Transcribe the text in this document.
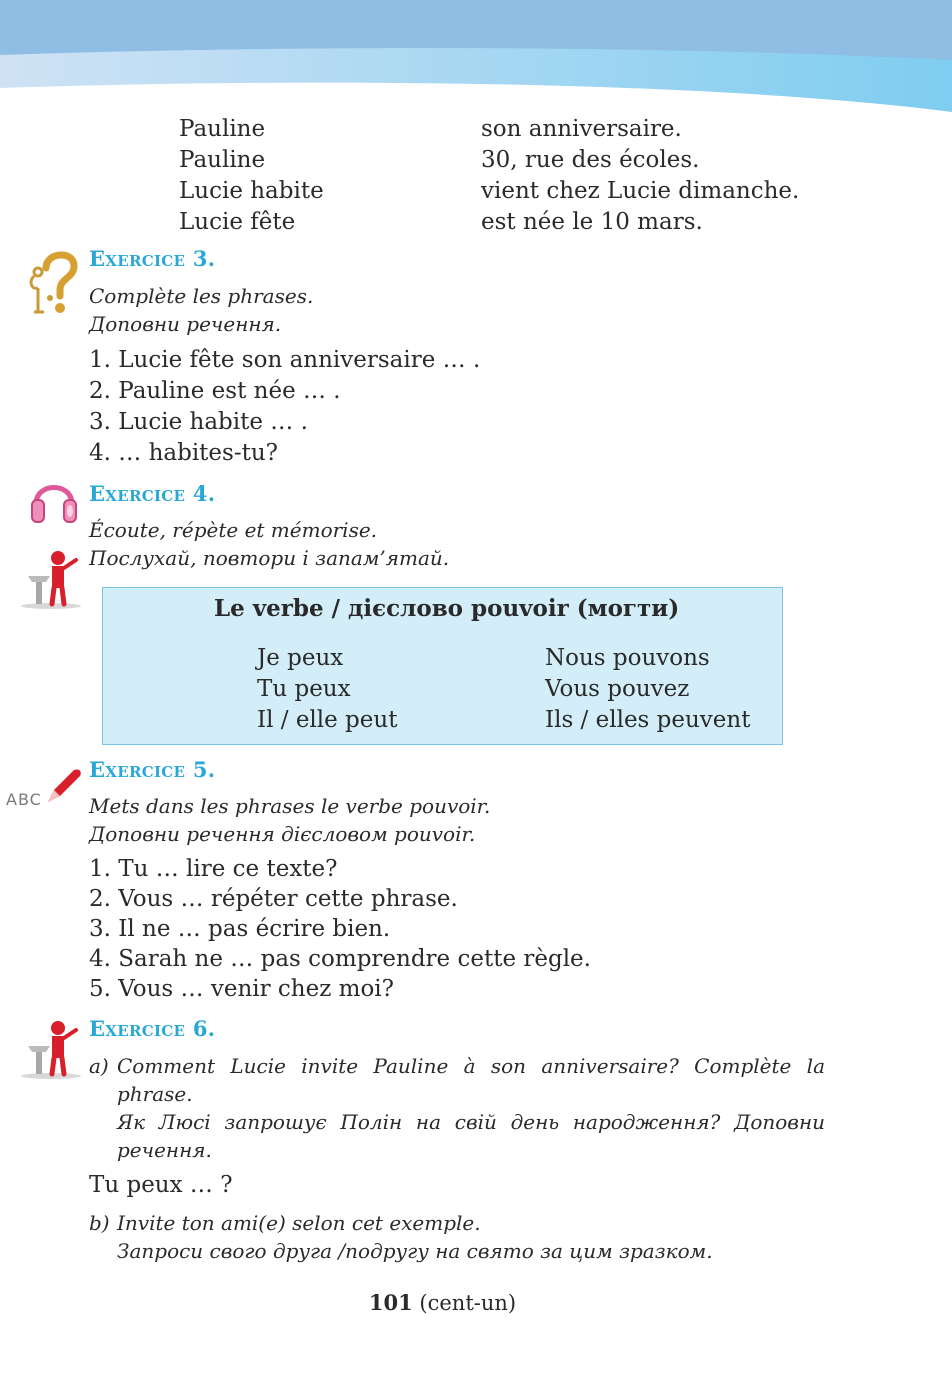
Pauline
Pauline
Lucie habite
Lucie fête
son anniversaire.
30, rue des écoles.
vient chez Lucie dimanche.
est née le 10 mars.
Exercice 3.
Complète les phrases.
Доповни речення.
1. Lucie fête son anniversaire … .
2. Pauline est née … .
3. Lucie habite … .
4. … habites-tu?
Exercice 4.
Écoute, répète et mémorise.
Послухай, повтори і запам’ятай.
Le verbe / дієслово pouvoir (могти)
Je peux
Tu peux
Il / elle peut
Nous pouvons
Vous pouvez
Ils / elles peuvent
ABC
Exercice 5.
Mets dans les phrases le verbe pouvoir.
Доповни речення дієсловом pouvoir.
1. Tu … lire ce texte?
2. Vous … répéter cette phrase.
3. Il ne … pas écrire bien.
4. Sarah ne … pas comprendre cette règle.
5. Vous … venir chez moi?
Exercice 6.
a) Comment Lucie invite Pauline à son anniversaire? Complète la phrase.
Як Люсі запрошує Полін на свій день народження? Доповни речення.
Tu peux … ?
b) Invite ton ami(e) selon cet exemple.
Запроси свого друга /подругу на свято за цим зразком.
101 (cent-un)
